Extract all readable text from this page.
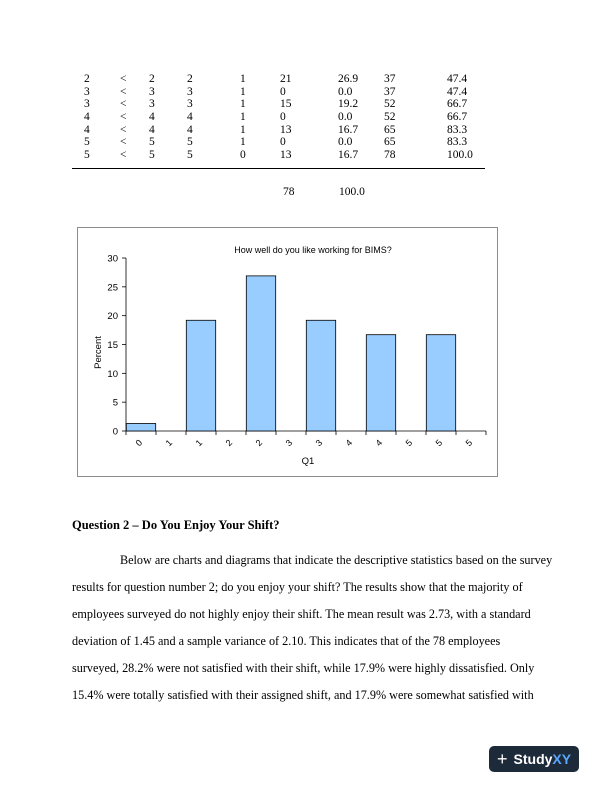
2	< 2	2	1	21	26.9 37	47.4
3	< 3	3	1	0	0.0	37	47.4
3	< 3	3	1	15	19.2 52	66.7
4	< 4	4	1	0	0.0	52	66.7
4	< 4	4	1	13	16.7 65	83.3
5	< 5	5	1	0	0.0	65	83.3
5	< 5	5	0	13	16.7 78	100.0
78	100.0
How well do you like working for BIMS?
0
5
10
15
20
25
30
Percent
0 1 1 2 2 3 3 4 4 5 5 5
Q1
Question 2 – Do You Enjoy Your Shift?
Below are charts and diagrams that indicate the descriptive statistics based on the survey
results for question number 2; do you enjoy your shift? The results show that the majority of
employees surveyed do not highly enjoy their shift. The mean result was 2.73, with a standard
deviation of 1.45 and a sample variance of 2.10. This indicates that of the 78 employees
surveyed, 28.2% were not satisfied with their shift, while 17.9% were highly dissatisfied. Only
15.4% were totally satisfied with their assigned shift, and 17.9% were somewhat satisfied with
+ StudyXY
